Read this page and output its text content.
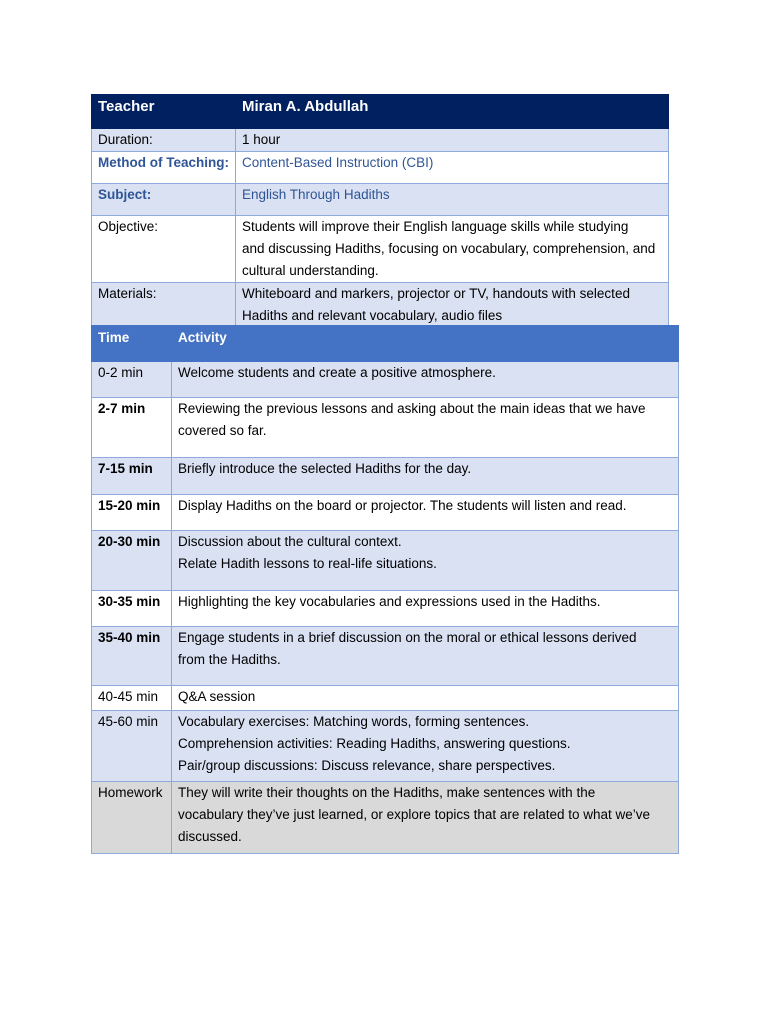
Teacher	Miran A. Abdullah
Duration:	1 hour
Method of Teaching:	Content-Based Instruction (CBI)
Subject:	English Through Hadiths
Objective:	Students will improve their English language skills while studying
and discussing Hadiths, focusing on vocabulary, comprehension, and
cultural understanding.

Materials:	Whiteboard and markers, projector or TV, handouts with selected
Hadiths and relevant vocabulary, audio files
Time	Activity
0-2 min	Welcome students and create a positive atmosphere.

2-7 min	Reviewing the previous lessons and asking about the main ideas that we have
covered so far.

7-15 min	Briefly introduce the selected Hadiths for the day.

15-20 min	Display Hadiths on the board or projector. The students will listen and read.

20-30 min	Discussion about the cultural context.
Relate Hadith lessons to real-life situations.

30-35 min	Highlighting the key vocabularies and expressions used in the Hadiths.

35-40 min	Engage students in a brief discussion on the moral or ethical lessons derived
from the Hadiths.

40-45 min	Q&A session

45-60 min	Vocabulary exercises: Matching words, forming sentences.
Comprehension activities: Reading Hadiths, answering questions.
Pair/group discussions: Discuss relevance, share perspectives.

Homework	They will write their thoughts on the Hadiths, make sentences with the
vocabulary they’ve just learned, or explore topics that are related to what we’ve
discussed.
